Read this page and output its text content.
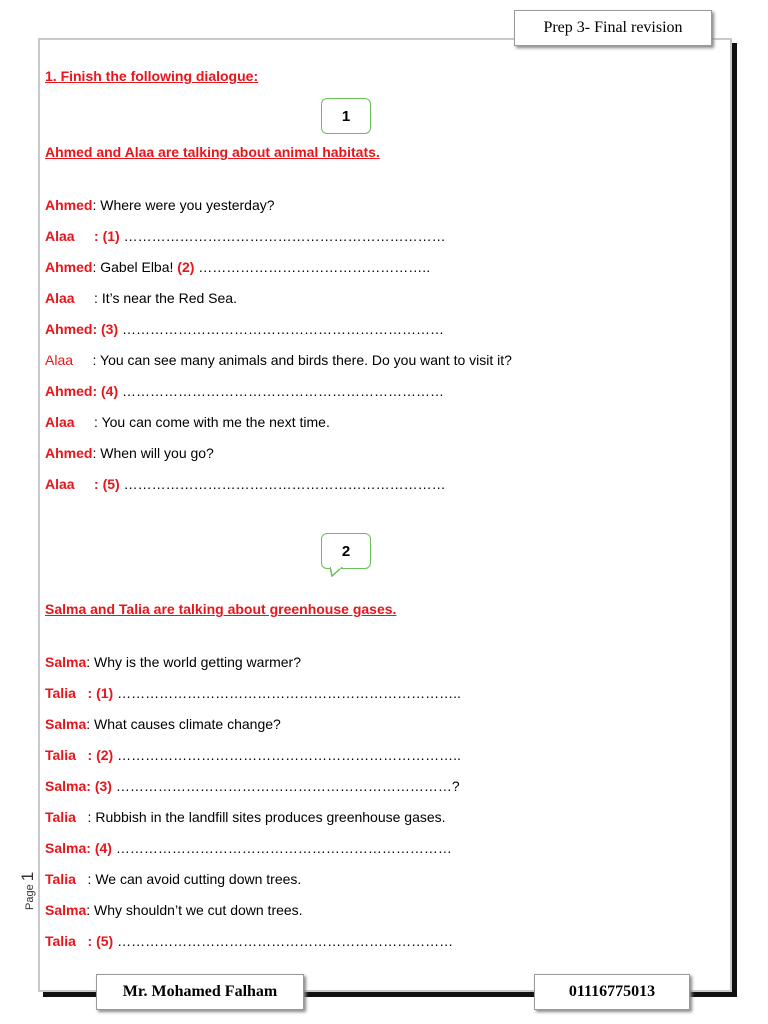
Prep 3- Final revision
1. Finish the following dialogue:
1
Ahmed and Alaa are talking about animal habitats.
Ahmed: Where were you yesterday?
Alaa     : (1) ……………………………………………………………
Ahmed: Gabel Elba! (2) …………………………………………..
Alaa     : It’s near the Red Sea.
Ahmed: (3) ……………………………………………………………
Alaa     : You can see many animals and birds there. Do you want to visit it?
Ahmed: (4) ……………………………………………………………
Alaa     : You can come with me the next time.
Ahmed: When will you go?
Alaa     : (5) ……………………………………………………………
2
Salma and Talia are talking about greenhouse gases.
Salma: Why is the world getting warmer?
Talia   : (1) ………………………………………………………………..
Salma: What causes climate change?
Talia   : (2) ………………………………………………………………..
Salma: (3) ………………………………………………………………?
Talia   : Rubbish in the landfill sites produces greenhouse gases.
Salma: (4) ………………………………………………………………
Talia   : We can avoid cutting down trees.
Salma: Why shouldn’t we cut down trees.
Talia   : (5) ………………………………………………………………
Page 1
Mr. Mohamed Falham	01116775013
